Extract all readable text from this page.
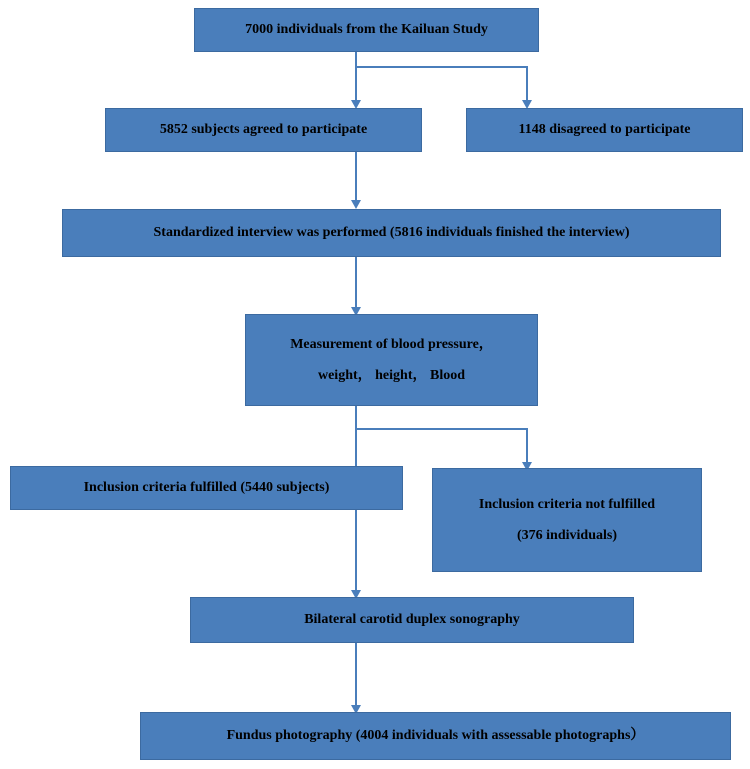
7000 individuals from the Kailuan Study
5852 subjects agreed to participate	1148 disagreed to participate
Standardized interview was performed (5816 individuals finished the interview)
Measurement of blood pressure，
weight， height， Blood
Inclusion criteria fulfilled (5440 subjects)
Inclusion criteria not fulfilled
(376 individuals)
Bilateral carotid duplex sonography
Fundus photography (4004 individuals with assessable photographs）
